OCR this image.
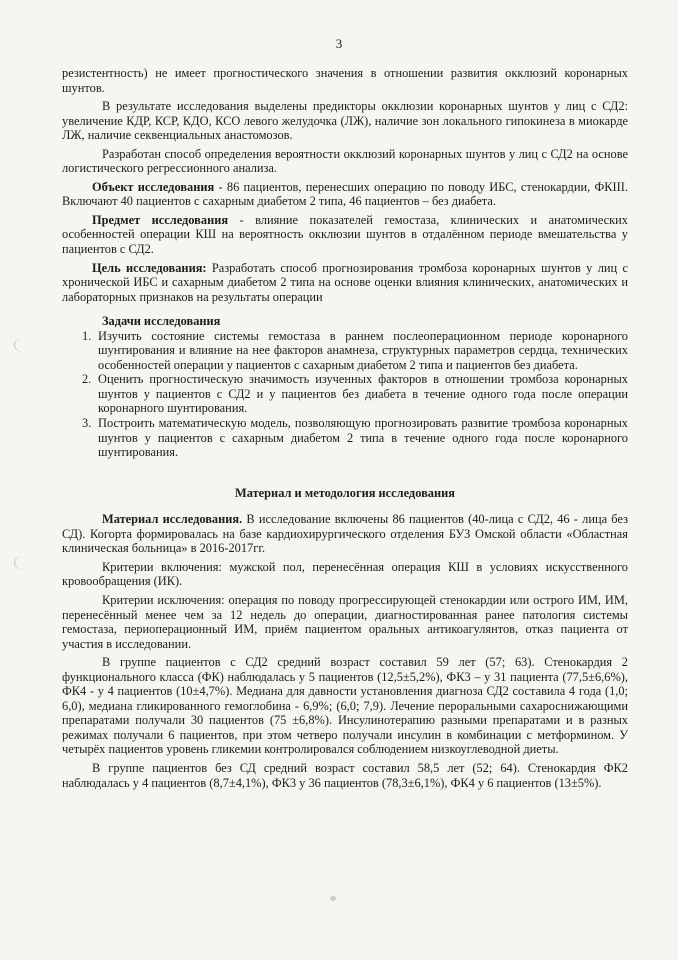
3

резистентность) не имеет прогностического значения в отношении развития окклюзий коронарных шунтов.

В результате исследования выделены предикторы окклюзии коронарных шунтов у лиц с СД2: увеличение КДР, КСР, КДО, КСО левого желудочка (ЛЖ), наличие зон локального гипокинеза в миокарде ЛЖ, наличие секвенциальных анастомозов.

Разработан способ определения вероятности окклюзий коронарных шунтов у лиц с СД2 на основе логистического регрессионного анализа.

Объект исследования - 86 пациентов, перенесших операцию по поводу ИБС, стенокардии, ФКIII. Включают 40 пациентов с сахарным диабетом 2 типа, 46 пациентов – без диабета.

Предмет исследования - влияние показателей гемостаза, клинических и анатомических особенностей операции КШ на вероятность окклюзии шунтов в отдалённом периоде вмешательства у пациентов с СД2.

Цель исследования: Разработать способ прогнозирования тромбоза коронарных шунтов у лиц с хронической ИБС и сахарным диабетом 2 типа на основе оценки влияния клинических, анатомических и лабораторных признаков на результаты операции

Задачи исследования

1. Изучить состояние системы гемостаза в раннем послеоперационном периоде коронарного шунтирования и влияние на нее факторов анамнеза, структурных параметров сердца, технических особенностей операции у пациентов с сахарным диабетом 2 типа и пациентов без диабета.
2. Оценить прогностическую значимость изученных факторов в отношении тромбоза коронарных шунтов у пациентов с СД2 и у пациентов без диабета в течение одного года после операции коронарного шунтирования.
3. Построить математическую модель, позволяющую прогнозировать развитие тромбоза коронарных шунтов у пациентов с сахарным диабетом 2 типа в течение одного года после коронарного шунтирования.

Материал и методология исследования

Материал исследования. В исследование включены 86 пациентов (40-лица с СД2, 46 - лица без СД). Когорта формировалась на базе кардиохирургического отделения БУЗ Омской области «Областная клиническая больница» в 2016-2017гг.

Критерии включения: мужской пол, перенесённая операция КШ в условиях искусственного кровообращения (ИК).

Критерии исключения: операция по поводу прогрессирующей стенокардии или острого ИМ, ИМ, перенесённый менее чем за 12 недель до операции, диагностированная ранее патология системы гемостаза, периоперационный ИМ, приём пациентом оральных антикоагулянтов, отказ пациента от участия в исследовании.

В группе пациентов с СД2 средний возраст составил 59 лет (57; 63). Стенокардия 2 функционального класса (ФК) наблюдалась у 5 пациентов (12,5±5,2%), ФК3 – у 31 пациента (77,5±6,6%), ФК4 - у 4 пациентов (10±4,7%). Медиана для давности установления диагноза СД2 составила 4 года (1,0; 6,0), медиана гликированного гемоглобина - 6,9%; (6,0; 7,9). Лечение пероральными сахароснижающими препаратами получали 30 пациентов (75 ±6,8%). Инсулинотерапию разными препаратами и в разных режимах получали 6 пациентов, при этом четверо получали инсулин в комбинации с метформином. У четырёх пациентов уровень гликемии контролировался соблюдением низкоуглеводной диеты.

В группе пациентов без СД средний возраст составил 58,5 лет (52; 64). Стенокардия ФК2 наблюдалась у 4 пациентов (8,7±4,1%), ФК3 у 36 пациентов (78,3±6,1%), ФК4 у 6 пациентов (13±5%).
